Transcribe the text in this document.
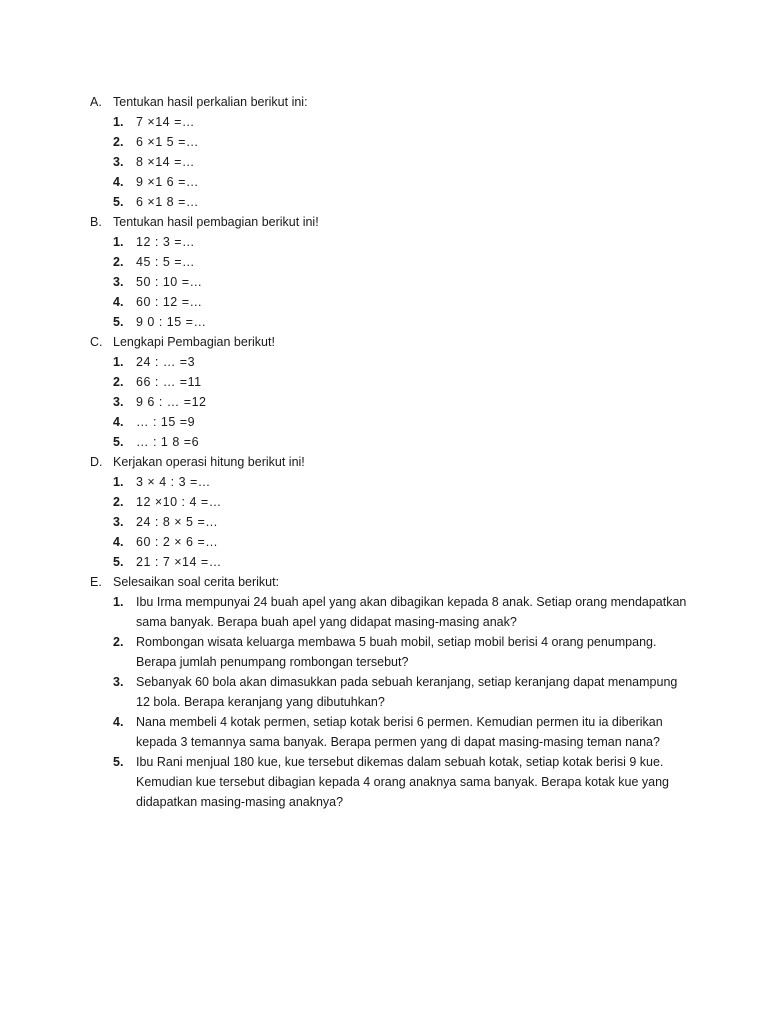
A. Tentukan hasil perkalian berikut ini:
1.	7 ×14 =…
2.	6 ×1 5 =…
3.	8 ×14 =…
4.	9 ×1 6 =…
5.	6 ×1 8 =…
B. Tentukan hasil pembagian berikut ini!
1.	12 : 3 =…
2.	45 : 5 =…
3.	50 : 10 =…
4.	60 : 12 =…
5.	9 0 : 15 =…
C. Lengkapi Pembagian berikut!
1.	24 : … =3
2.	66 : … =11
3.	9 6 : … =12
4.	… : 15 =9
5.	… : 1 8 =6
D. Kerjakan operasi hitung berikut ini!
1.	3 × 4 : 3 =…
2.	12 ×10 : 4 =…
3.	24 : 8 × 5 =…
4.	60 : 2 × 6 =…
5.	21 : 7 ×14 =…
E. Selesaikan soal cerita berikut:
1.	Ibu Irma mempunyai 24 buah apel yang akan dibagikan kepada 8 anak. Setiap orang mendapatkan sama banyak. Berapa buah apel yang didapat masing-masing anak?
2.	Rombongan wisata keluarga membawa 5 buah mobil, setiap mobil berisi 4 orang penumpang. Berapa jumlah penumpang rombongan tersebut?
3.	Sebanyak 60 bola akan dimasukkan pada sebuah keranjang, setiap keranjang dapat menampung 12 bola. Berapa keranjang yang dibutuhkan?
4.	Nana membeli 4 kotak permen, setiap kotak berisi 6 permen. Kemudian permen itu ia diberikan kepada 3 temannya sama banyak. Berapa permen yang di dapat masing-masing teman nana?
5.	Ibu Rani menjual 180 kue, kue tersebut dikemas dalam sebuah kotak, setiap kotak berisi 9 kue. Kemudian kue tersebut dibagian kepada 4 orang anaknya sama banyak. Berapa kotak kue yang didapatkan masing-masing anaknya?
